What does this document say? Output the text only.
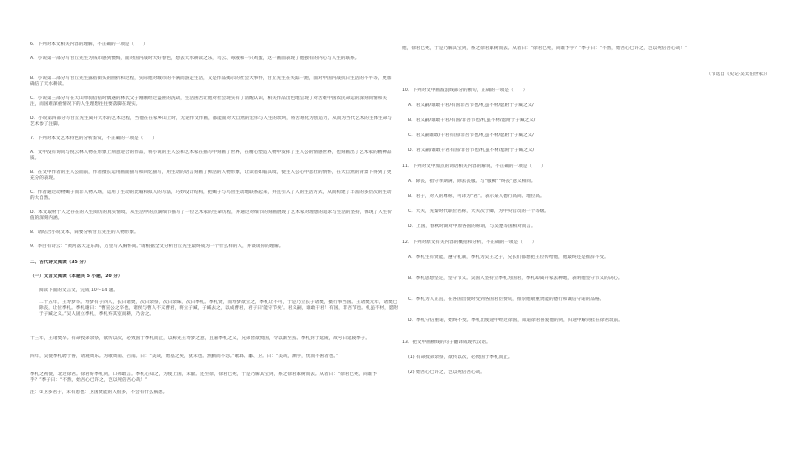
6．下列对本文相关内容的理解，不正确的一项是（　　）
A．小说第一部分写甘丘先生为钱币感到懊悔，面对国内战时大好春色，想去天水耕读之乐，乌云、毒液和一只鸡蛋，这一画面表现了他独有的内心与人生的联系。
B．小说第二部分写甘丘先生露宿街头的曲折和过程，实际他对城市的不满而游走生活，又是作品揭示的社会大事件，甘丘先生在失踪一跑，面对中国内战抗日生活的不平等，更加确信了天水耕读。
C．小说第三部分写在天山单骑借宿时偶遇的林氏父子刚刚经过盗匪的洗劫，生活困苦让他对社会现实有了清醒认识，相关作品出色地呈现了对苦难中国农民命运的深刻同情和关注，而国难深重情况下的人生理想往往要落脚在现实。
D．小说第四部分写甘丘先生离开天水的艺术过程，当他在在家乡山上时，无论作文作画，都能面对大自然的宏伟与人生的坎坷，将苦难化为创造力，从而为当代艺术的主体生命与艺术参了注脚。
7．下列对本文艺术特色的分析鉴赏，不正确的一项是（　　）
A．文中没有询问与倪云林人物在形象上刻意迎合的作品，将小说的主人公和艺术家在描写中刻画了世界，在精心塑造人物中发挥了主人公的情感世界，也刻画出了艺术家的精神品质。
B．在文中作者的主人公面前，作者擅长运用画面描写和回忆描写，用生动的语言刻画了鲜活的人物形象，让读者如临其境，使主人公心中悲壮的情怀，在大自然的背景下得到了更充分的表现。
C．作者通过动物蝎子而非人物入场，运用了生动的比喻和拟人的写法，巧妙设计结构，把蝎子与鸟兽生动地联系起来，并且引入了人的生活方式，从而构建了丰富的多层次的生动的大自然。
D．本文取材于人之存在的人生阅历的真实情境，从生活中的点滴细节描写了一位艺术家的生命历程，并通过对细节的刻画展现了艺术家对理想的追求与生活的坚持，体现了人生价值的深刻内涵。
8．请结合小说文本，简要分析甘丘先生的人物形象。
9．李白有诗云：“黄河落天走东海，万里写入胸怀间。”请根据全文分析甘丘先生最终成为一个什么样的人，并谈谈你的理解。
二、古代诗文阅读（35 分）
（一）文言文阅读（本题共 5 小题，20 分）
阅读下面的文言文，完成 10～14 题。
二十五年，王寿梦卒。寿梦有子四人，长曰诸樊，次曰余祭，次曰余昧，次曰季札。季札贤，而寿梦欲立之，季札让不可，于是乃立长子诸樊，摄行事当国。王诸樊元年，诸樊已除丧，让位季札。季札谢曰：“曹宣公之卒也，诸侯与曹人不义曹君，将立子臧，子臧去之，以成曹君，君子曰‘能守节矣’。君义嗣，谁敢干君！有国，非吾节也。札虽不材，愿附于子臧之义。”吴人固立季札，季札弃其室而耕，乃舍之。
十三年，王诸樊卒。有命授弟余祭，欲传以次，必致国于季札而止，以称先王寿梦之意，且嘉季札之义，兄弟皆欲致国，令以渐至焉。季札封于延陵，故号曰延陵季子。
四年，吴使季札聘于鲁，请观周乐。为歌周南、召南。曰：“美哉，始基之矣，犹未也。然勤而不怨。”歌邶、鄘、卫。曰：“美哉，渊乎，忧而不困者也。”
季札之初使，北过徐君。徐君好季札剑，口弗敢言。季札心知之，为使上国，未献。还至徐，徐君已死，于是乃解其宝剑，系之徐君冢树而去。从者曰：“徐君已死，尚谁予乎？”季子曰：“不然，始吾心已许之，岂以死倍吾心哉！”
注：①卫多君子，未有患也：卫国贤能的人很多，不会有什么祸患。
他，徐君已死，于是乃解其宝剑，系之徐君冢树而去。从者曰：“徐君已死，尚谁予乎？”季子曰：“不然，始吾心已许之，岂以死倍吾心哉！”
（节选自《史记·吴太伯世家》）
10．下列对文中画波浪线部分的断句，正确的一项是（　　）
A．君义嗣/谁敢干君/有国非吾节也/札虽不材/愿附于子臧之义/
B．君义嗣/谁敢干君/有国/非吾节也/札虽不材/愿附于子臧之义/
C．君义嗣谁敢/干君有国/非吾节也/札虽不材/愿附于子臧之义/
D．君义嗣/谁敢干君有国/非吾节也/札虽不材/愿附于子臧之义/
11．下列对文中加点的词语相关内容的解说，不正确的一项是（　　）
A．除丧，指守孝期满，除去丧服。与“服阙”“终丧”意义相同。
B．君子，对人的尊称，可译为“君”。表示某人德行高尚、地位高。
C．大夫，先秦时代职位名称，大夫次于卿，为中央官员的一个等级。
D．上国，春秋时期对中原各国的称谓，与吴楚等国相对而言。
12．下列对原文有关内容的概括和分析，不正确的一项是（　　）
A．季札生有贤能，遵守礼制，季札为吴王之子，兄长们都想把王位传给他，他最终还是推辞不受。
B．季札思想坚定，坚守节义。吴国人坚持立季札为国君，季札却离开家去种地，表明他坚守节义的决心。
C．季札为人正直，在各国出使时受到各国君臣赞赏，推崇他敬重贤能的德行和诚信守诺的品格。
D．季札守信重诺，始终不变。季札出使途中经过徐国，知道徐君喜爱他的剑，归途中解剑挂在徐君坟前。
13．把文中画横线的句子翻译成现代汉语。
(1) 有命授弟余祭，欲传以次，必致国于季札而止。
(2) 始吾心已许之，岂以死倍吾心哉。
